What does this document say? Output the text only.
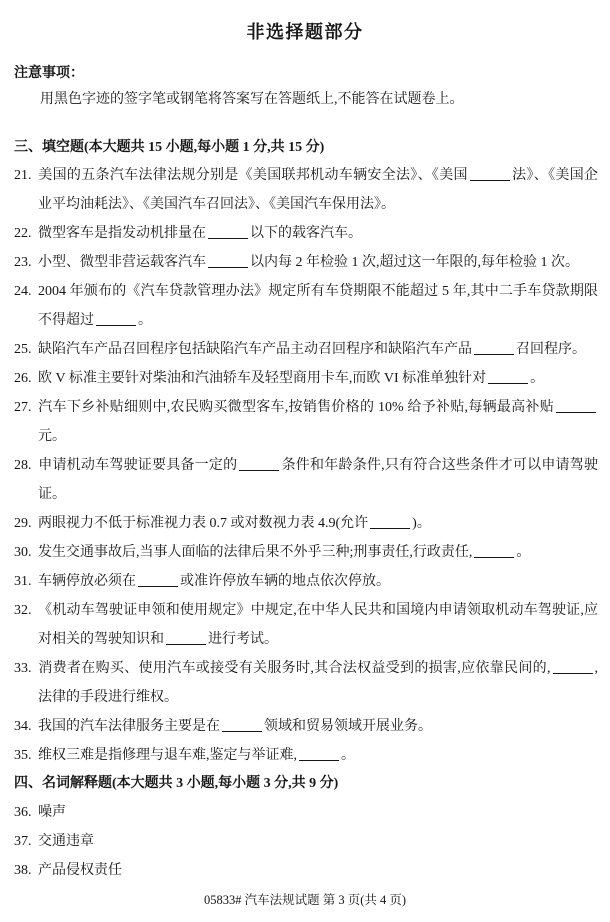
非选择题部分
注意事项：
用黑色字迹的签字笔或钢笔将答案写在答题纸上,不能答在试题卷上。
三、填空题(本大题共 15 小题,每小题 1 分,共 15 分)
21. 美国的五条汽车法律法规分别是《美国联邦机动车辆安全法》、《美国	法》、《美国企业平均油耗法》、《美国汽车召回法》、《美国汽车保用法》。
22. 微型客车是指发动机排量在	以下的载客汽车。
23. 小型、微型非营运载客汽车	以内每 2 年检验 1 次,超过这一年限的,每年检验 1 次。
24. 2004 年颁布的《汽车贷款管理办法》规定所有车贷期限不能超过 5 年,其中二手车贷款期限不得超过	。
25. 缺陷汽车产品召回程序包括缺陷汽车产品主动召回程序和缺陷汽车产品	召回程序。
26. 欧 V 标准主要针对柴油和汽油轿车及轻型商用卡车,而欧 VI 标准单独针对	。
27. 汽车下乡补贴细则中,农民购买微型客车,按销售价格的 10% 给予补贴,每辆最高补贴元。
28. 申请机动车驾驶证要具备一定的	条件和年龄条件,只有符合这些条件才可以申请驾驶证。
29. 两眼视力不低于标准视力表 0.7 或对数视力表 4.9(允许	)。
30. 发生交通事故后,当事人面临的法律后果不外乎三种;刑事责任,行政责任,	。
31. 车辆停放必须在	或准许停放车辆的地点依次停放。
32. 《机动车驾驶证申领和使用规定》中规定,在中华人民共和国境内申请领取机动车驾驶证,应对相关的驾驶知识和	进行考试。
33. 消费者在购买、使用汽车或接受有关服务时,其合法权益受到的损害,应依靠民间的,	,法律的手段进行维权。
34. 我国的汽车法律服务主要是在	领域和贸易领域开展业务。
35. 维权三难是指修理与退车难,鉴定与举证难,	。
四、名词解释题(本大题共 3 小题,每小题 3 分,共 9 分)
36. 噪声
37. 交通违章
38. 产品侵权责任
05833# 汽车法规试题 第 3 页(共 4 页)
